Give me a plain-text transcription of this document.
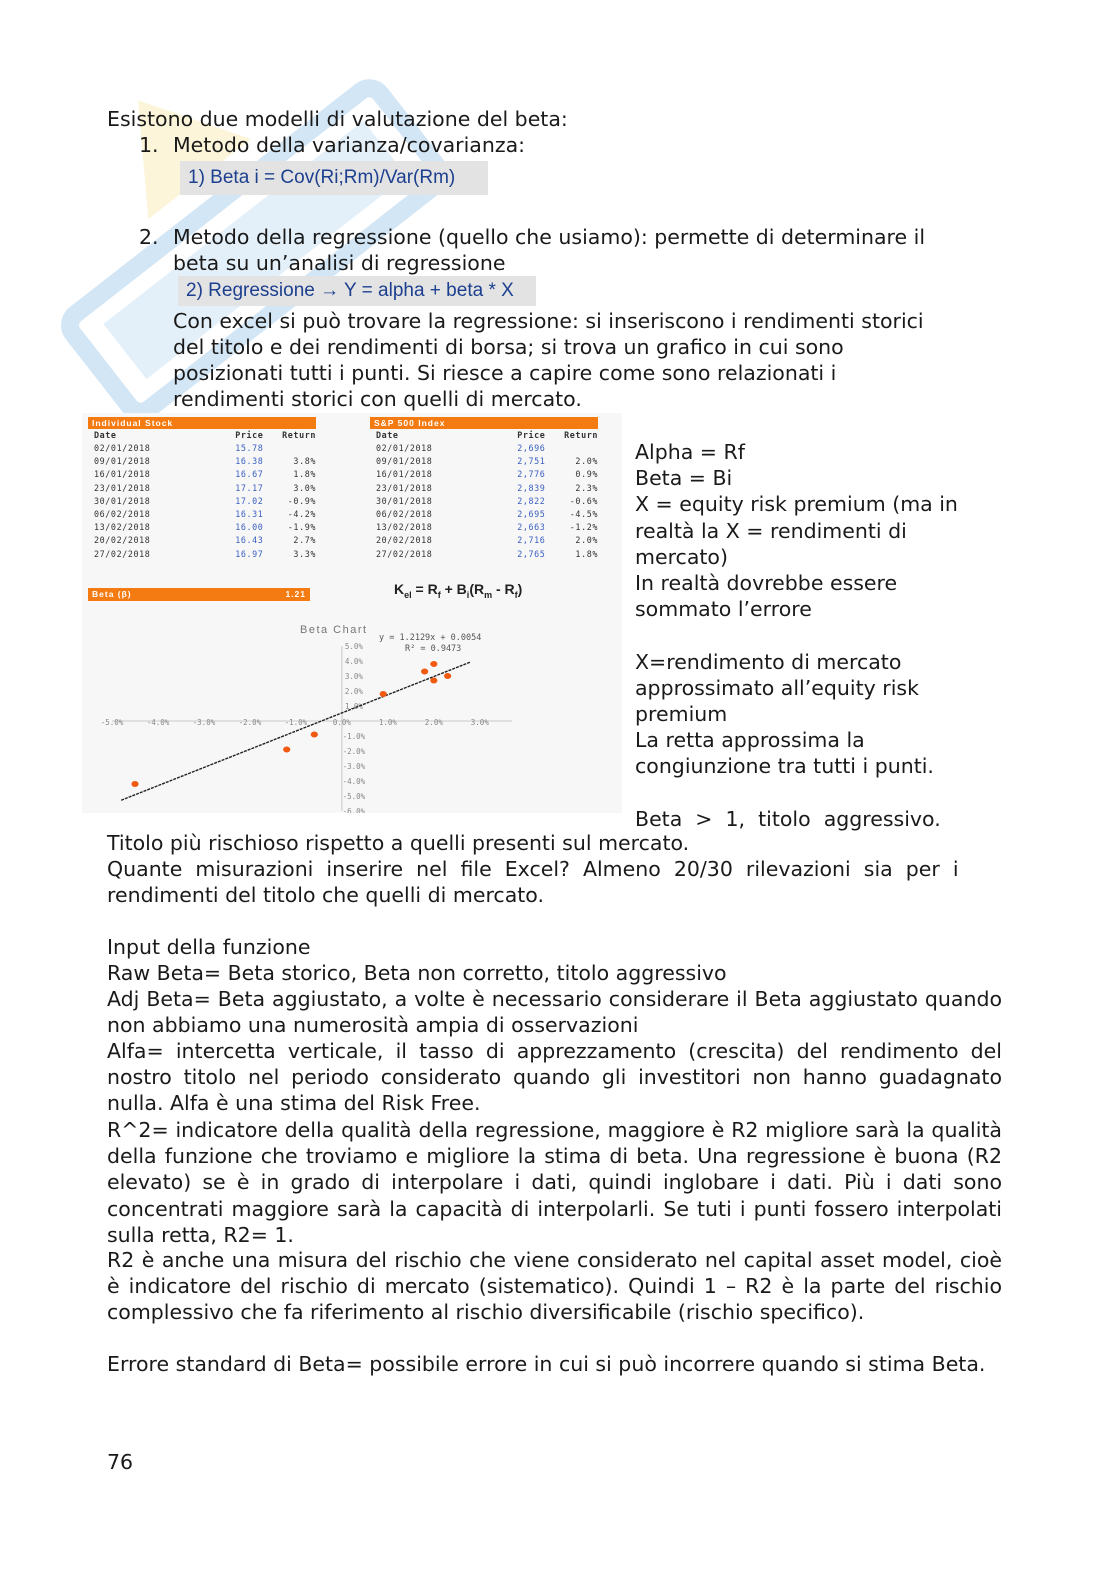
Esistono due modelli di valutazione del beta:
1. Metodo della varianza/covarianza:
1) Beta i = Cov(Ri;Rm)/Var(Rm)
2. Metodo della regressione (quello che usiamo): permette di determinare il
beta su un’analisi di regressione
2) Regressione → Y = alpha + beta * X
Con excel si può trovare la regressione: si inseriscono i rendimenti storici
del titolo e dei rendimenti di borsa; si trova un grafico in cui sono
posizionati tutti i punti. Si riesce a capire come sono relazionati i
rendimenti storici con quelli di mercato.
Individual Stock
Date	Price	Return
02/01/2018	15.78
09/01/2018	16.38	3.8%
16/01/2018	16.67	1.8%
23/01/2018	17.17	3.0%
30/01/2018	17.02	-0.9%
06/02/2018	16.31	-4.2%
13/02/2018	16.00	-1.9%
20/02/2018	16.43	2.7%
27/02/2018	16.97	3.3%
S&P 500 Index
Date	Price	Return
02/01/2018	2,696
09/01/2018	2,751	2.0%
16/01/2018	2,776	0.9%
23/01/2018	2,839	2.3%
30/01/2018	2,822	-0.6%
06/02/2018	2,695	-4.5%
13/02/2018	2,663	-1.2%
20/02/2018	2,716	2.0%
27/02/2018	2,765	1.8%
Beta (β)	1.21	$K_{el} = R_f + B_i(R_m - R_f)$
Beta Chart
y = 1.2129x + 0.0054
R² = 0.9473
-5.0%	-4.0%	-3.0%	-2.0%	-1.0%	0.0%	1.0%	2.0%	3.0%
5.0%
4.0%
3.0%
2.0%
1.0%
-1.0%
-2.0%
-3.0%
-4.0%
-5.0%
-6.0%
Alpha = Rf
Beta = Bi
X = equity risk premium (ma in
realtà la X = rendimenti di
mercato)
In realtà dovrebbe essere
sommato l’errore
X=rendimento di mercato
approssimato all’equity risk
premium
La retta approssima la
congiunzione tra tutti i punti.
Beta  >  1,  titolo  aggressivo.
Titolo più rischioso rispetto a quelli presenti sul mercato.
Quante  misurazioni  inserire  nel  file  Excel?  Almeno  20/30  rilevazioni  sia  per  i
rendimenti del titolo che quelli di mercato.
Input della funzione
Raw Beta= Beta storico, Beta non corretto, titolo aggressivo
Adj Beta= Beta aggiustato, a volte è necessario considerare il Beta aggiustato quando non abbiamo una numerosità ampia di osservazioni
Alfa= intercetta verticale, il tasso di apprezzamento (crescita) del rendimento del nostro titolo nel periodo considerato quando gli investitori non hanno guadagnato nulla. Alfa è una stima del Risk Free.
R^2= indicatore della qualità della regressione, maggiore è R2 migliore sarà la qualità della funzione che troviamo e migliore la stima di beta. Una regressione è buona (R2 elevato) se è in grado di interpolare i dati, quindi inglobare i dati. Più i dati sono concentrati maggiore sarà la capacità di interpolarli. Se tuti i punti fossero interpolati sulla retta, R2= 1.
R2 è anche una misura del rischio che viene considerato nel capital asset model, cioè è indicatore del rischio di mercato (sistematico). Quindi 1 – R2 è la parte del rischio complessivo che fa riferimento al rischio diversificabile (rischio specifico).
Errore standard di Beta= possibile errore in cui si può incorrere quando si stima Beta.
76
